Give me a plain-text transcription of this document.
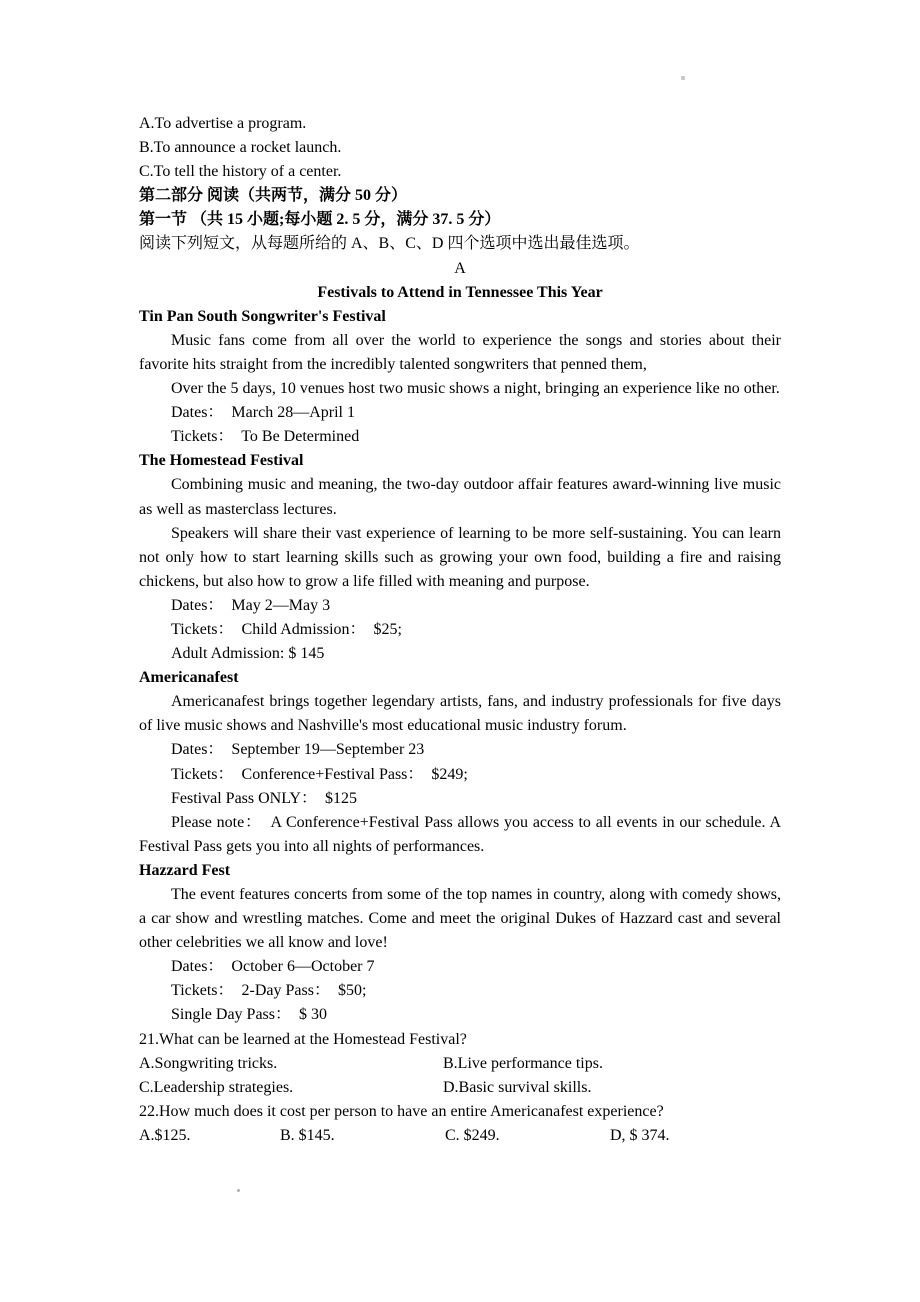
A.To advertise a program.
B.To announce a rocket launch.
C.To tell the history of a center.
第二部分 阅读（共两节，满分 50 分）
第一节 （共 15 小题;每小题 2. 5 分，满分 37. 5 分）
阅读下列短文，从每题所给的 A、B、C、D 四个选项中选出最佳选项。
A
Festivals to Attend in Tennessee This Year
Tin Pan South Songwriter's Festival
Music fans come from all over the world to experience the songs and stories about their favorite hits straight from the incredibly talented songwriters that penned them,
Over the 5 days, 10 venues host two music shows a night, bringing an experience like no other.
Dates：  March 28—April 1
Tickets：  To Be Determined
The Homestead Festival
Combining music and meaning, the two-day outdoor affair features award-winning live music as well as masterclass lectures.
Speakers will share their vast experience of learning to be more self-sustaining. You can learn not only how to start learning skills such as growing your own food, building a fire and raising chickens, but also how to grow a life filled with meaning and purpose.
Dates：  May 2—May 3
Tickets：  Child Admission：  $25;
Adult Admission: $ 145
Americanafest
Americanafest brings together legendary artists, fans, and industry professionals for five days of live music shows and Nashville's most educational music industry forum.
Dates：  September 19—September 23
Tickets：  Conference+Festival Pass：  $249;
Festival Pass ONLY：  $125
Please note：  A Conference+Festival Pass allows you access to all events in our schedule. A Festival Pass gets you into all nights of performances.
Hazzard Fest
The event features concerts from some of the top names in country, along with comedy shows, a car show and wrestling matches. Come and meet the original Dukes of Hazzard cast and several other celebrities we all know and love!
Dates：  October 6—October 7
Tickets：  2-Day Pass：  $50;
Single Day Pass：  $ 30
21.What can be learned at the Homestead Festival?
A.Songwriting tricks.	B.Live performance tips.
C.Leadership strategies.	D.Basic survival skills.
22.How much does it cost per person to have an entire Americanafest experience?
A.$125.	B. $145.	C. $249.	D, $ 374.
